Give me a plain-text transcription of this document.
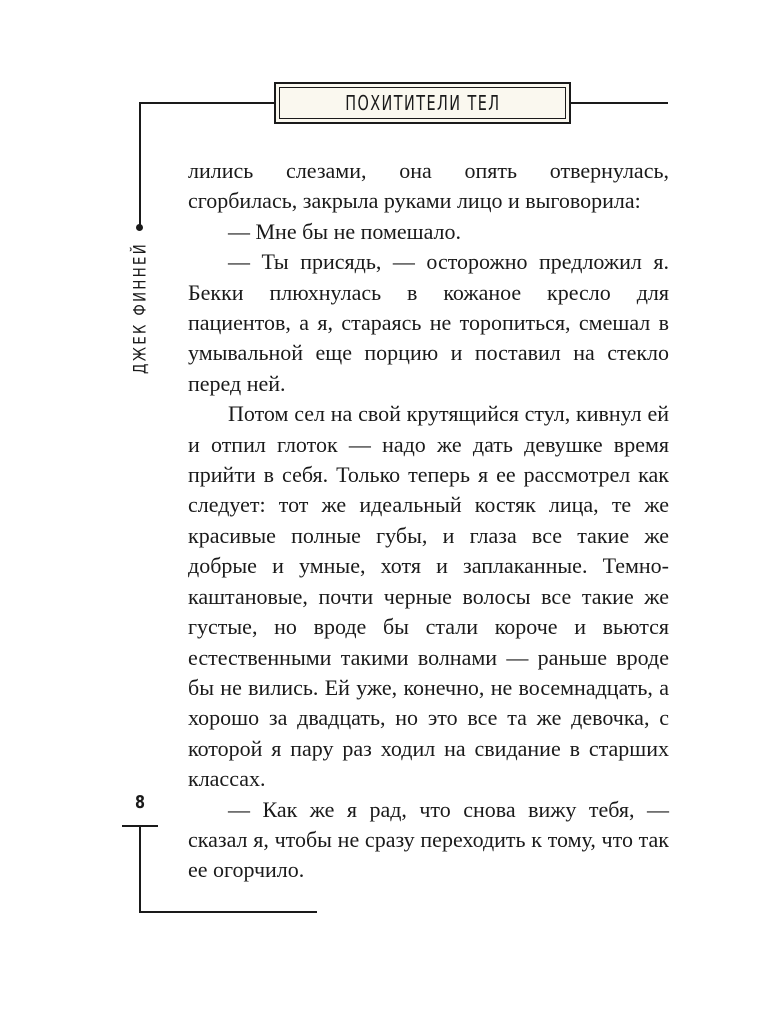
ПОХИТИТЕЛИ ТЕЛ
ДЖЕК ФИННЕЙ
8

лились слезами, она опять отвернулась, сгорбилась, закрыла руками лицо и выговорила:

— Мне бы не помешало.

— Ты присядь, — осторожно предложил я. Бекки плюхнулась в кожаное кресло для пациентов, а я, стараясь не торопиться, смешал в умывальной еще порцию и поставил на стекло перед ней.

Потом сел на свой крутящийся стул, кивнул ей и отпил глоток — надо же дать девушке время прийти в себя. Только теперь я ее рассмотрел как следует: тот же идеальный костяк лица, те же красивые полные губы, и глаза все такие же добрые и умные, хотя и заплаканные. Темно-каштановые, почти черные волосы все такие же густые, но вроде бы стали короче и вьются естественными такими волнами — раньше вроде бы не вились. Ей уже, конечно, не восемнадцать, а хорошо за двадцать, но это все та же девочка, с которой я пару раз ходил на свидание в старших классах.

— Как же я рад, что снова вижу тебя, — сказал я, чтобы не сразу переходить к тому, что так ее огорчило.
